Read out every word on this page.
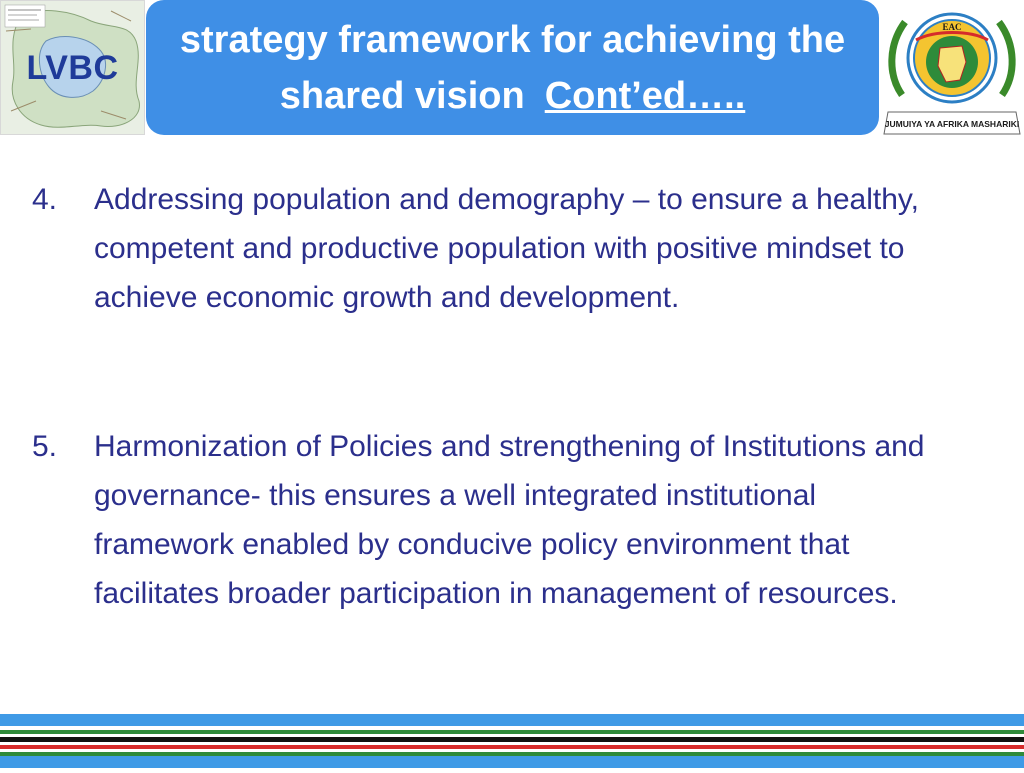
LVBC
strategy framework for achieving the
shared vision Cont’ed…..
EAC
JUMUIYA YA AFRIKA MASHARIKI
4. Addressing population and demography – to ensure a healthy, competent and productive population with positive mindset to achieve economic growth and development.
5. Harmonization of Policies and strengthening of Institutions and governance- this ensures a well integrated institutional framework enabled by conducive policy environment that facilitates broader participation in management of resources.
